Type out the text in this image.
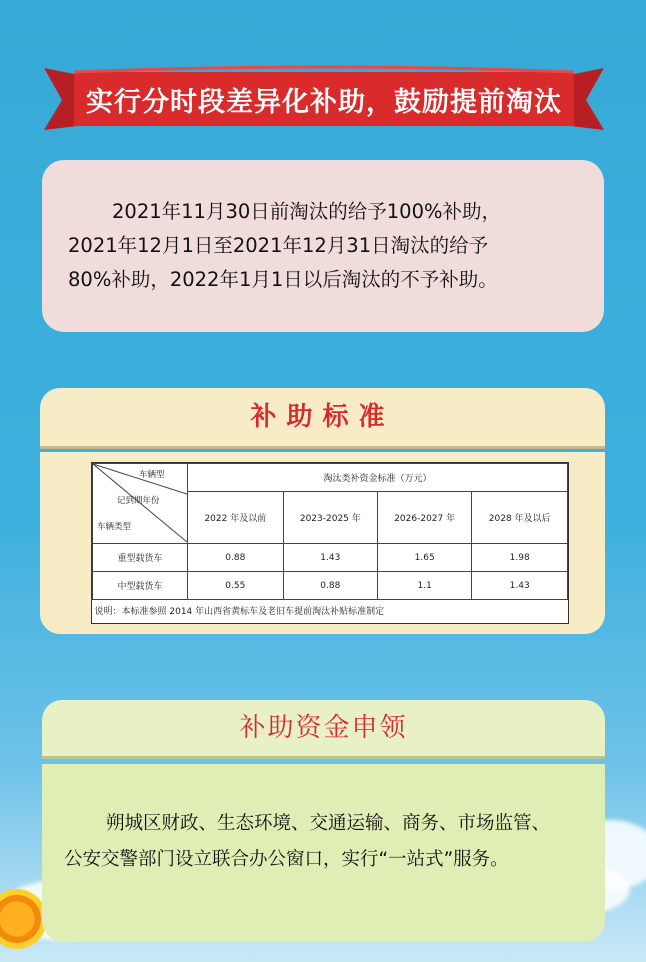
实行分时段差异化补助，鼓励提前淘汰

2021年11月30日前淘汰的给予100%补助，

2021年12月1日至2021年12月31日淘汰的给予

80%补助，2022年1月1日以后淘汰的不予补助。

补助标准
车辆型
记到期年份
车辆类型	淘汰类补资金标准（万元）			
	2022 年及以前	2023-2025 年	2026-2027 年	2028 年及以后
重型载货车	0.88	1.43	1.65	1.98
中型载货车	0.55	0.88	1.1	1.43
说明：本标准参照 2014 年山西省黄标车及老旧车提前淘汰补贴标准制定				
补助资金申领

朔城区财政、生态环境、交通运输、商务、市场监管、

公安交警部门设立联合办公窗口，实行“一站式”服务。
